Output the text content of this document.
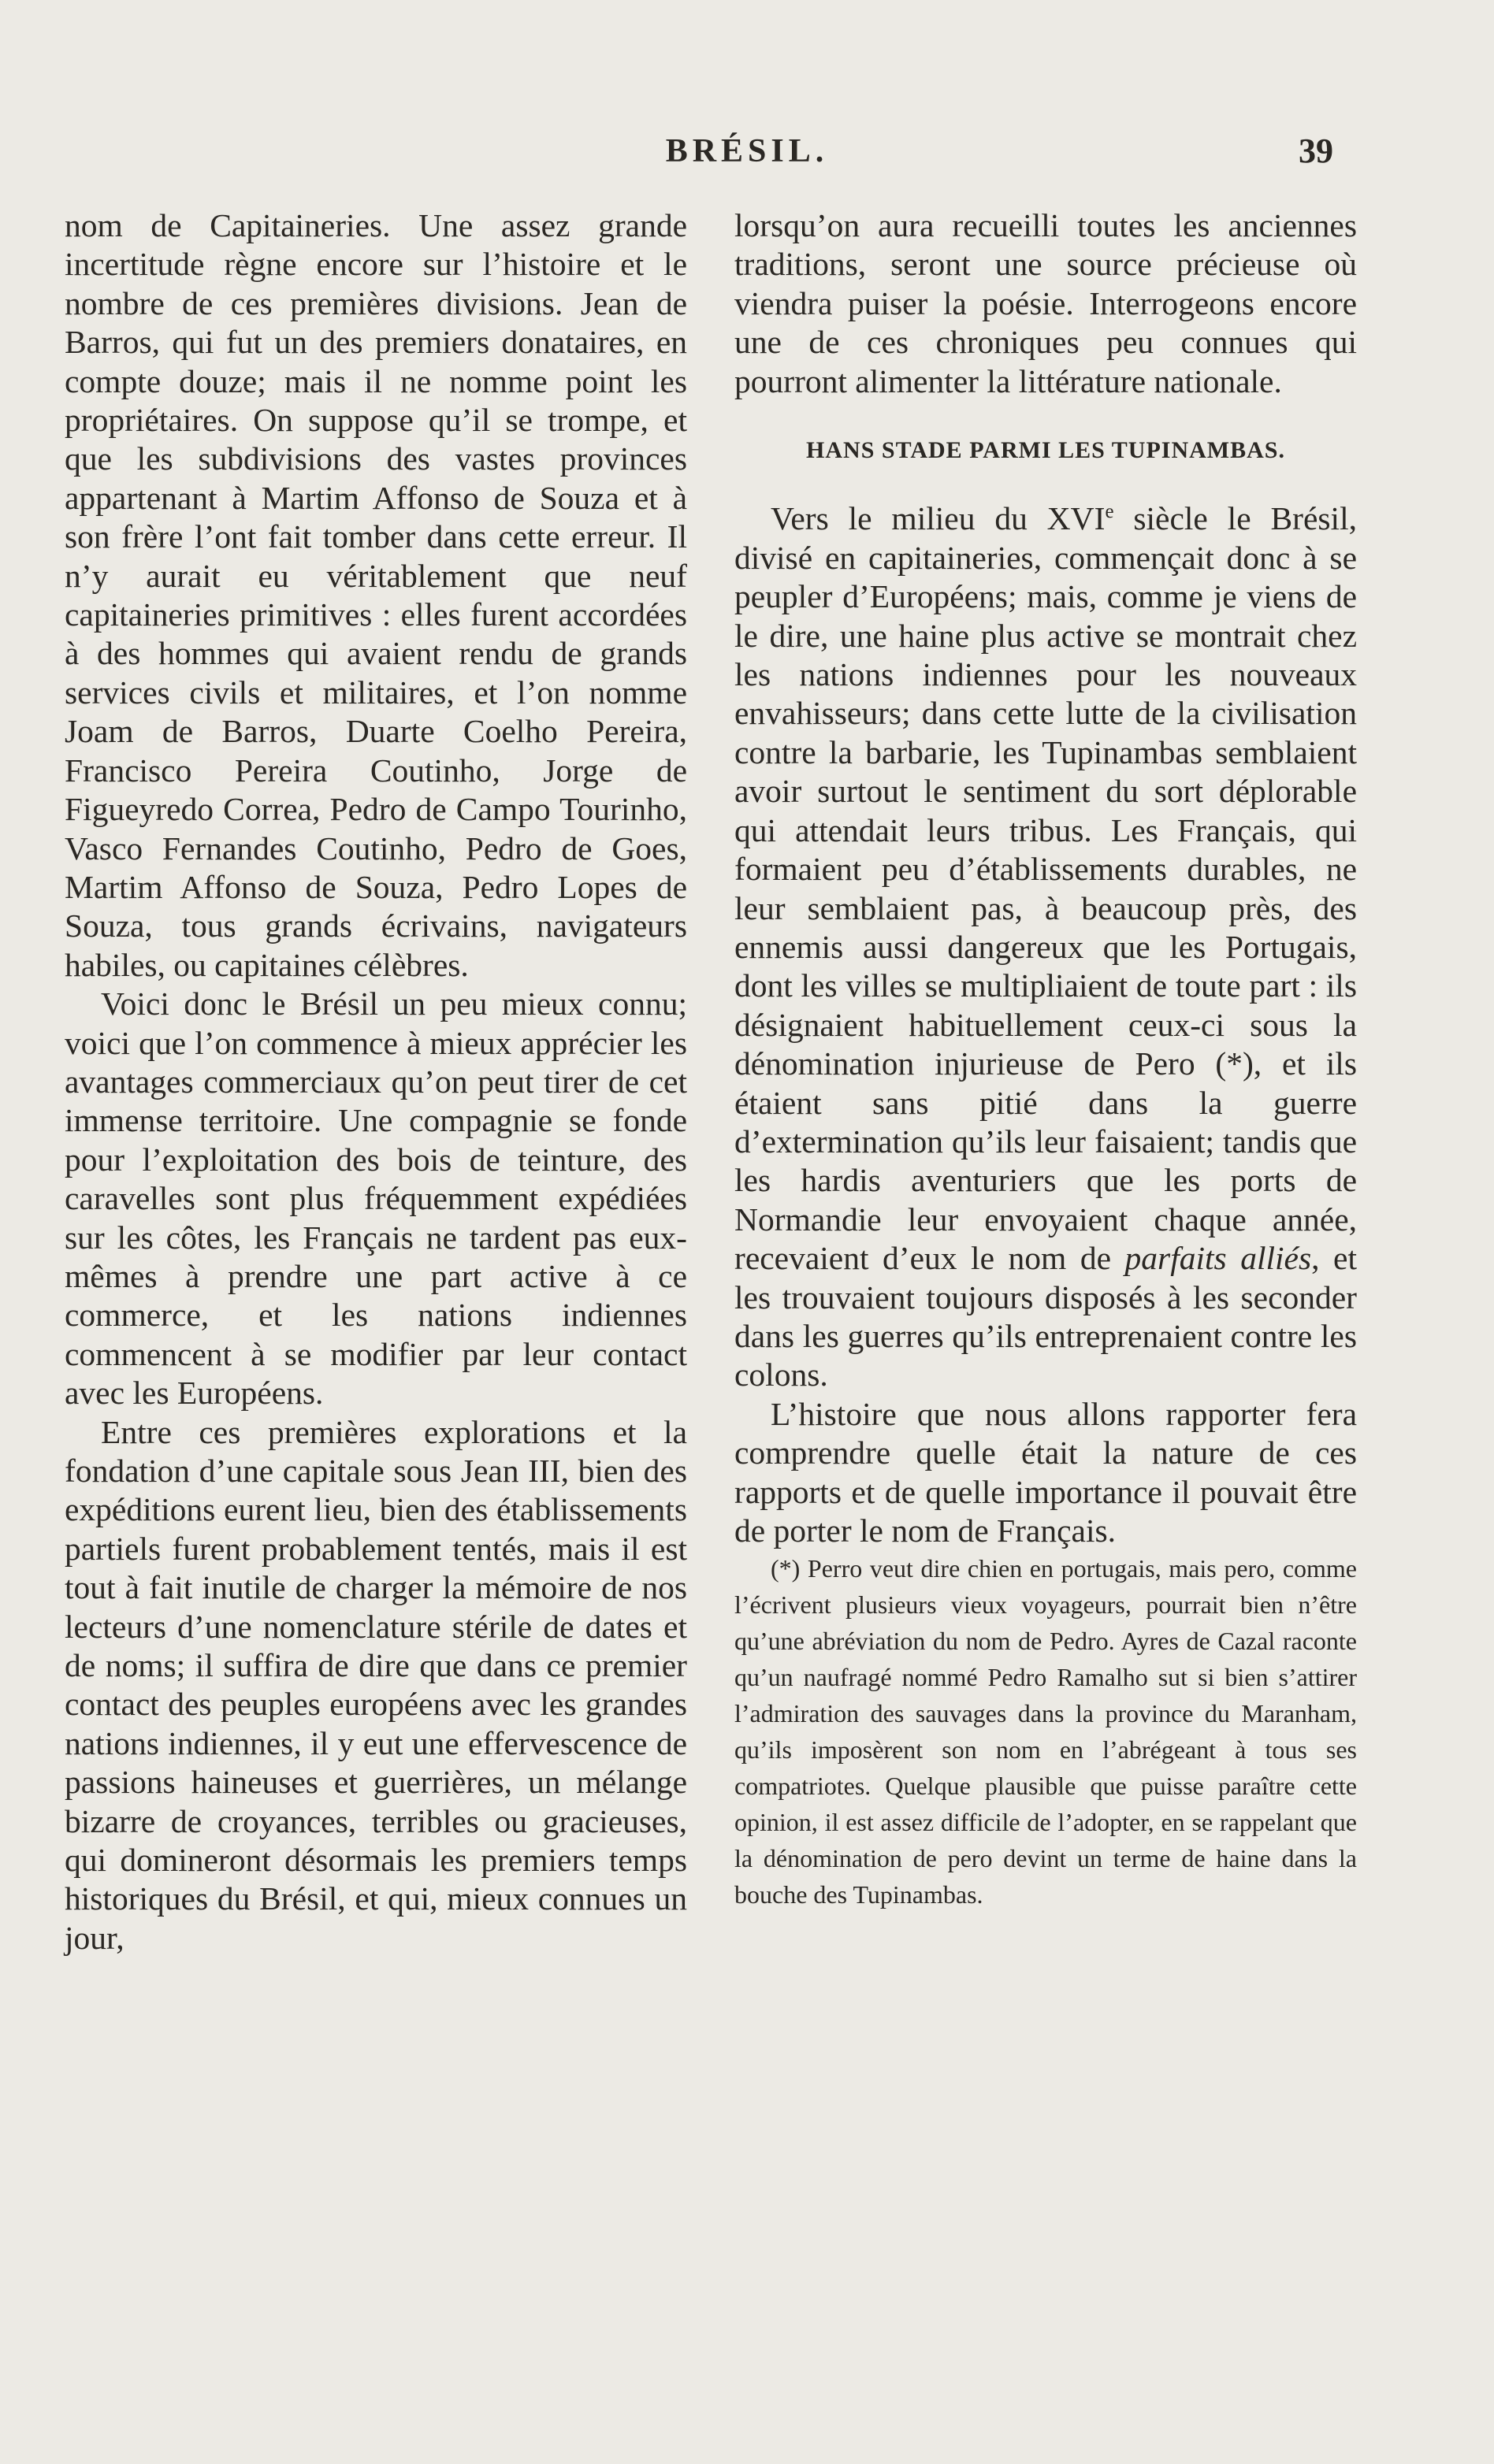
BRÉSIL.	39

nom de Capitaineries. Une assez grande incertitude règne encore sur l’histoire et le nombre de ces premières divisions. Jean de Barros, qui fut un des premiers donataires, en compte douze; mais il ne nomme point les propriétaires. On suppose qu’il se trompe, et que les subdivisions des vastes provinces appartenant à Martim Affonso de Souza et à son frère l’ont fait tomber dans cette erreur. Il n’y aurait eu véritablement que neuf capitaineries primitives : elles furent accordées à des hommes qui avaient rendu de grands services civils et militaires, et l’on nomme Joam de Barros, Duarte Coelho Pereira, Francisco Pereira Coutinho, Jorge de Figueyredo Correa, Pedro de Campo Tourinho, Vasco Fernandes Coutinho, Pedro de Goes, Martim Affonso de Souza, Pedro Lopes de Souza, tous grands écrivains, navigateurs habiles, ou capitaines célèbres.

Voici donc le Brésil un peu mieux connu; voici que l’on commence à mieux apprécier les avantages commerciaux qu’on peut tirer de cet immense territoire. Une compagnie se fonde pour l’exploitation des bois de teinture, des caravelles sont plus fréquemment expédiées sur les côtes, les Français ne tardent pas eux-mêmes à prendre une part active à ce commerce, et les nations indiennes commencent à se modifier par leur contact avec les Européens.

Entre ces premières explorations et la fondation d’une capitale sous Jean III, bien des expéditions eurent lieu, bien des établissements partiels furent probablement tentés, mais il est tout à fait inutile de charger la mémoire de nos lecteurs d’une nomenclature stérile de dates et de noms; il suffira de dire que dans ce premier contact des peuples européens avec les grandes nations indiennes, il y eut une effervescence de passions haineuses et guerrières, un mélange bizarre de croyances, terribles ou gracieuses, qui domineront désormais les premiers temps historiques du Brésil, et qui, mieux connues un jour,

lorsqu’on aura recueilli toutes les anciennes traditions, seront une source précieuse où viendra puiser la poésie. Interrogeons encore une de ces chroniques peu connues qui pourront alimenter la littérature nationale.

HANS STADE PARMI LES TUPINAMBAS.

Vers le milieu du XVIe siècle le Brésil, divisé en capitaineries, commençait donc à se peupler d’Européens; mais, comme je viens de le dire, une haine plus active se montrait chez les nations indiennes pour les nouveaux envahisseurs; dans cette lutte de la civilisation contre la barbarie, les Tupinambas semblaient avoir surtout le sentiment du sort déplorable qui attendait leurs tribus. Les Français, qui formaient peu d’établissements durables, ne leur semblaient pas, à beaucoup près, des ennemis aussi dangereux que les Portugais, dont les villes se multipliaient de toute part : ils désignaient habituellement ceux-ci sous la dénomination injurieuse de Pero (*), et ils étaient sans pitié dans la guerre d’extermination qu’ils leur faisaient; tandis que les hardis aventuriers que les ports de Normandie leur envoyaient chaque année, recevaient d’eux le nom de parfaits alliés, et les trouvaient toujours disposés à les seconder dans les guerres qu’ils entreprenaient contre les colons.

L’histoire que nous allons rapporter fera comprendre quelle était la nature de ces rapports et de quelle importance il pouvait être de porter le nom de Français.

(*) Perro veut dire chien en portugais, mais pero, comme l’écrivent plusieurs vieux voyageurs, pourrait bien n’être qu’une abréviation du nom de Pedro. Ayres de Cazal raconte qu’un naufragé nommé Pedro Ramalho sut si bien s’attirer l’admiration des sauvages dans la province du Maranham, qu’ils imposèrent son nom en l’abrégeant à tous ses compatriotes. Quelque plausible que puisse paraître cette opinion, il est assez difficile de l’adopter, en se rappelant que la dénomination de pero devint un terme de haine dans la bouche des Tupinambas.
